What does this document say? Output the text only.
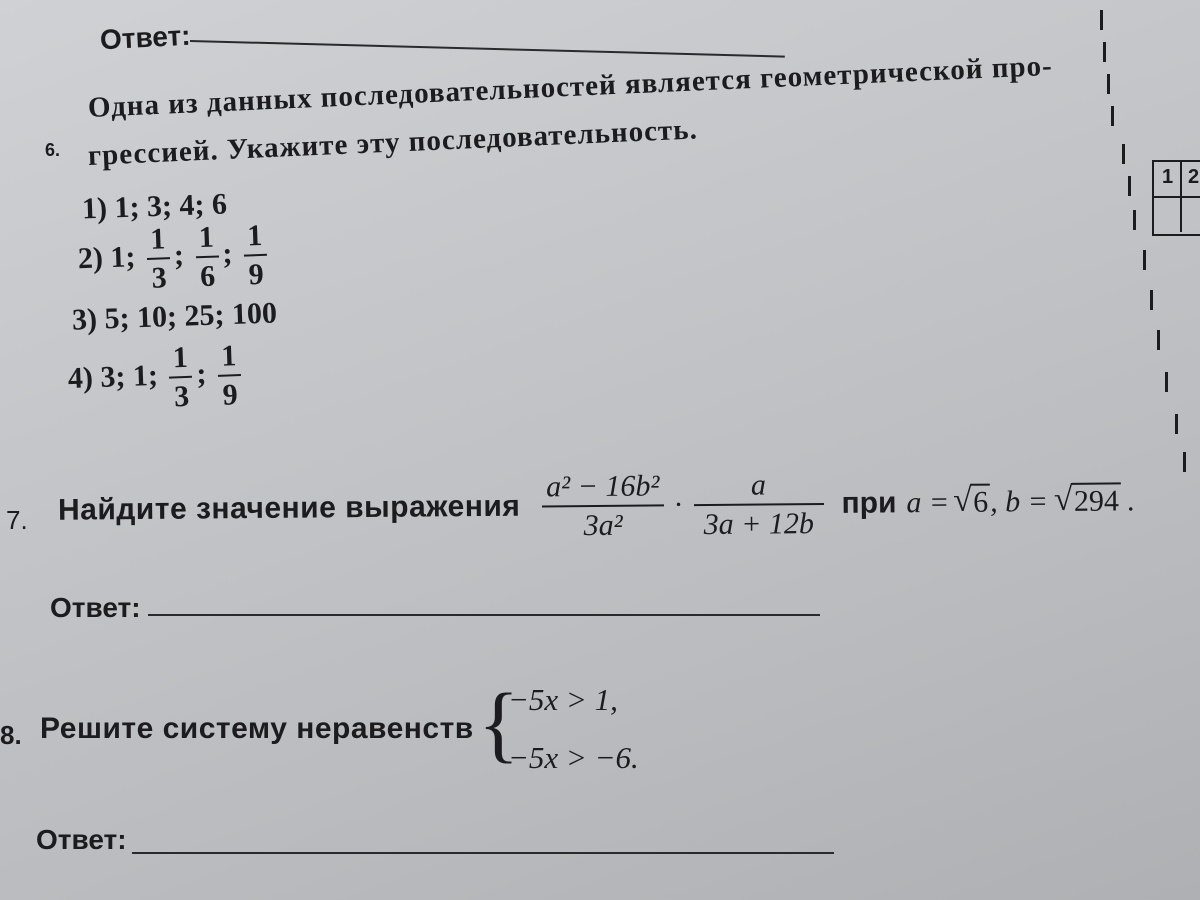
Ответ:
6.
Одна из данных последовательностей является геометрической про-
грессией. Укажите эту последовательность.
1) 1; 3; 4; 6
2) 1; $\frac{1}{3}$ ; $\frac{1}{6}$ ; $\frac{1}{9}$
3) 5; 10; 25; 100
4) 3; 1; $\frac{1}{3}$ ; $\frac{1}{9}$
7. Найдите значение выражения $\frac{\text{a² − 16b²}}{\text{3a²}} \cdot \frac{a}{3a + 12b}$ при a = √ 6 , b = √ 294 .
Ответ:
8. Решите систему неравенств {
−5x > 1,
−5x > −6.
Ответ:
1 2
